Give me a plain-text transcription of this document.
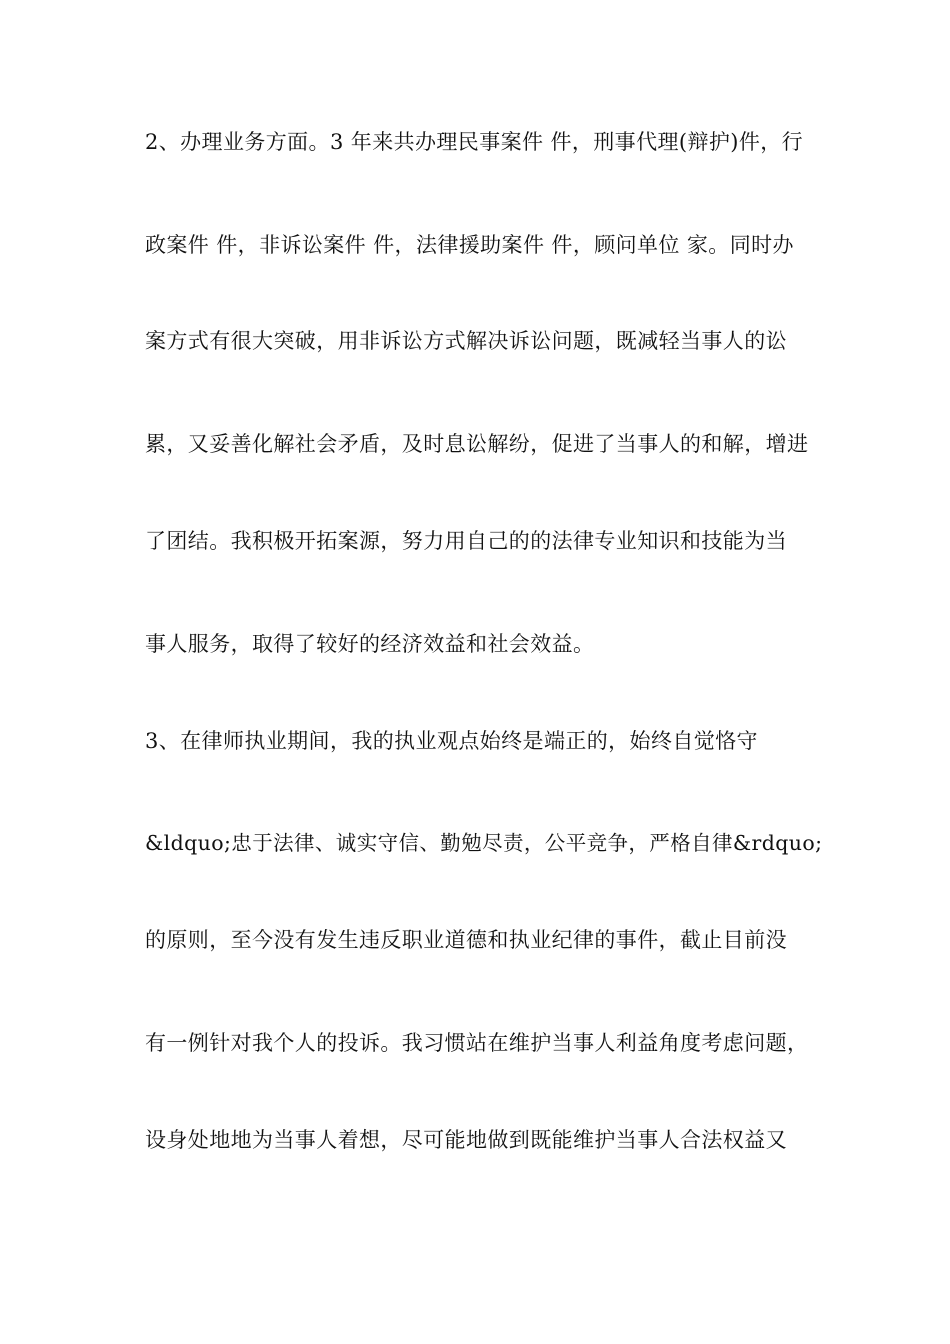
2、办理业务方面。3 年来共办理民事案件 件，刑事代理(辩护)件，行
政案件 件，非诉讼案件 件，法律援助案件 件，顾问单位 家。同时办
案方式有很大突破，用非诉讼方式解决诉讼问题，既减轻当事人的讼
累，又妥善化解社会矛盾，及时息讼解纷，促进了当事人的和解，增进
了团结。我积极开拓案源，努力用自己的的法律专业知识和技能为当
事人服务，取得了较好的经济效益和社会效益。
3、在律师执业期间，我的执业观点始终是端正的，始终自觉恪守
&ldquo;忠于法律、诚实守信、勤勉尽责，公平竞争，严格自律&rdquo;
的原则，至今没有发生违反职业道德和执业纪律的事件，截止目前没
有一例针对我个人的投诉。我习惯站在维护当事人利益角度考虑问题，
设身处地地为当事人着想，尽可能地做到既能维护当事人合法权益又
